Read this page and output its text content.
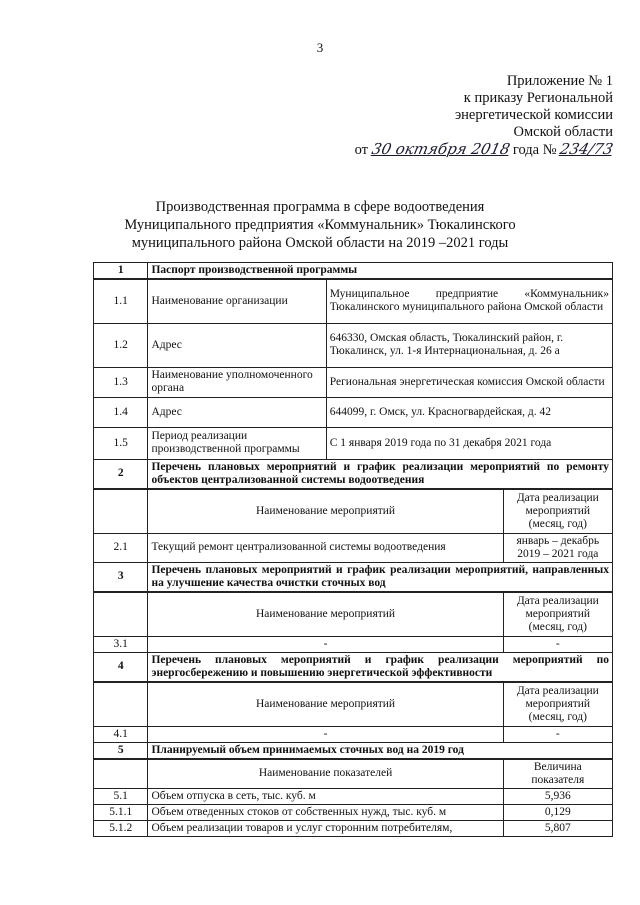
3
Приложение № 1
к приказу Региональной
энергетической комиссии
Омской области
от 30 октября 2018 года № 234/73
Производственная программа в сфере водоотведения
Муниципального предприятия «Коммунальник» Тюкалинского
муниципального района Омской области на 2019 –2021 годы
1	Паспорт производственной программы		
1.1	Наименование организации	Муниципальное предприятие «Коммунальник» Тюкалинского муниципального района Омской области	
1.2	Адрес	646330, Омская область, Тюкалинский район, г. Тюкалинск, ул. 1-я Интернациональная, д. 26 а	
1.3	Наименование уполномоченного органа	Региональная энергетическая комиссия Омской области	
1.4	Адрес	644099, г. Омск, ул. Красногвардейская, д. 42	
1.5	Период реализации производственной программы	С 1 января 2019 года по 31 декабря 2021 года	
2	Перечень плановых мероприятий и график реализации мероприятий по ремонту объектов централизованной системы водоотведения		
	Наименование мероприятий		Дата реализации мероприятий (месяц, год)
2.1	Текущий ремонт централизованной системы водоотведения		январь – декабрь 2019 – 2021 года
3	Перечень плановых мероприятий и график реализации мероприятий, направленных на улучшение качества очистки сточных вод		
	Наименование мероприятий		Дата реализации мероприятий (месяц, год)
3.1	-		-
4	Перечень плановых мероприятий и график реализации мероприятий по энергосбережению и повышению энергетической эффективности		
	Наименование мероприятий		Дата реализации мероприятий (месяц, год)
4.1	-		-
5	Планируемый объем принимаемых сточных вод на 2019 год		
	Наименование показателей		Величина показателя
5.1	Объем отпуска в сеть, тыс. куб. м		5,936
5.1.1	Объем отведенных стоков от собственных нужд, тыс. куб. м		0,129
5.1.2	Объем реализации товаров и услуг сторонним потребителям,		5,807
